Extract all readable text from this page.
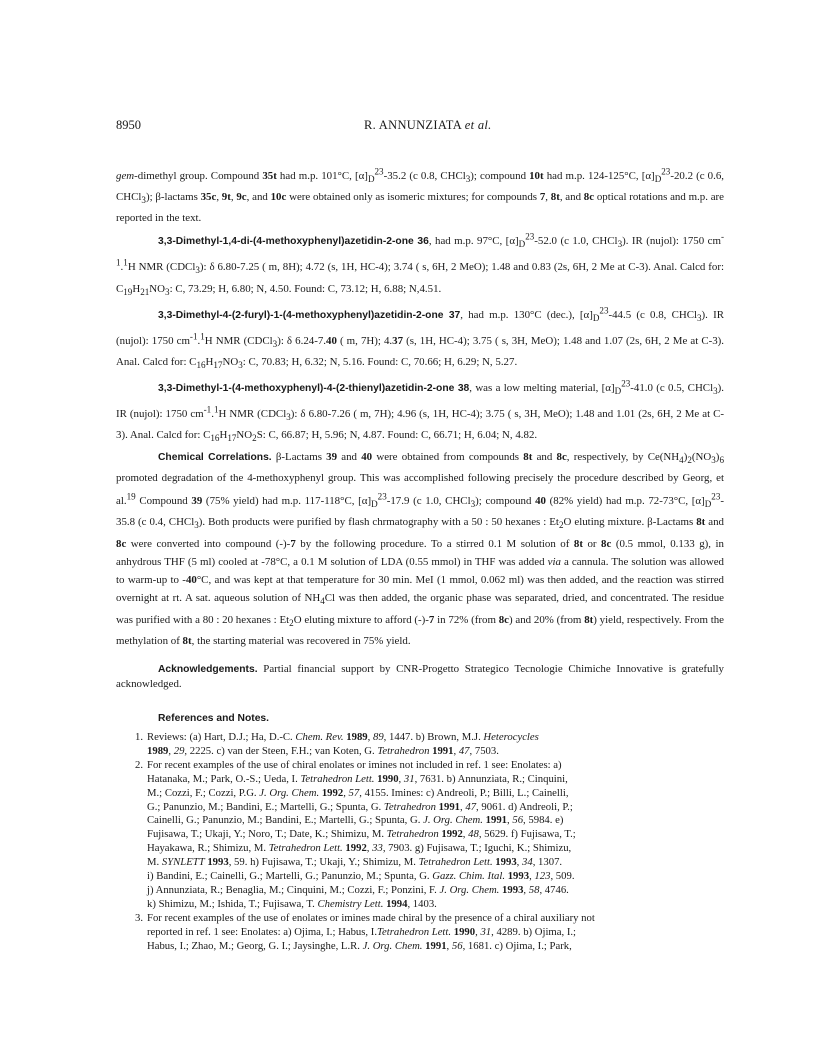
8950	R. ANNUNZIATA et al.

gem-dimethyl group. Compound 35t had m.p. 101°C, $[\alpha]_D^{23}-35.2$ (c 0.8, CHCl$_3$); compound 10t had m.p. 124-125°C, $[\alpha]_D^{23}-20.2$ (c 0.6, CHCl$_3$); β-lactams 35c, 9t, 9c, and 10c were obtained only as isomeric mixtures; for compounds 7, 8t, and 8c optical rotations and m.p. are reported in the text.

3,3-Dimethyl-1,4-di-(4-methoxyphenyl)azetidin-2-one 36, had m.p. 97°C, $[\alpha]_D^{23}-52.0$ (c 1.0, CHCl$_3$). IR (nujol): 1750 $cm^{-1}.^1H$ NMR (CDCl$_3$): δ 6.80-7.25 ( m, 8H); 4.72 (s, 1H, HC-4); 3.74 ( s, 6H, 2 MeO); 1.48 and 0.83 (2s, 6H, 2 Me at C-3). Anal. Calcd for: $C_{19}H_{21}NO_3$: C, 73.29; H, 6.80; N, 4.50. Found: C, 73.12; H, 6.88; N,4.51.

3,3-Dimethyl-4-(2-furyl)-1-(4-methoxyphenyl)azetidin-2-one 37, had m.p. 130°C (dec.), $[\alpha]_D^{23}-44.5$ (c 0.8, CHCl$_3$). IR (nujol): 1750 $cm^{-1}.^1H$ NMR (CDCl$_3$): δ 6.24-7.40 ( m, 7H); 4.37 (s, 1H, HC-4); 3.75 ( s, 3H, MeO); 1.48 and 1.07 (2s, 6H, 2 Me at C-3). Anal. Calcd for: $C_{16}H_{17}NO_3$: C, 70.83; H, 6.32; N, 5.16. Found: C, 70.66; H, 6.29; N, 5.27.

3,3-Dimethyl-1-(4-methoxyphenyl)-4-(2-thienyl)azetidin-2-one 38, was a low melting material, $[\alpha]_D^{23}-41.0$ (c 0.5, CHCl$_3$). IR (nujol): 1750 $cm^{-1}.^1H$ NMR (CDCl$_3$): δ 6.80-7.26 ( m, 7H); 4.96 (s, 1H, HC-4); 3.75 ( s, 3H, MeO); 1.48 and 1.01 (2s, 6H, 2 Me at C-3). Anal. Calcd for: $C_{16}H_{17}NO_2S$: C, 66.87; H, 5.96; N, 4.87. Found: C, 66.71; H, 6.04; N, 4.82.

Chemical Correlations. β-Lactams 39 and 40 were obtained from compounds 8t and 8c, respectively, by $Ce(NH_4)_2(NO_3)_6$ promoted degradation of the 4-methoxyphenyl group. This was accomplished following precisely the procedure described by Georg, et al.$^{19}$ Compound 39 (75% yield) had m.p. 117-118°C, $[\alpha]_D^{23}-17.9$ (c 1.0, CHCl$_3$); compound 40 (82% yield) had m.p. 72-73°C, $[\alpha]_D^{23}-35.8$ (c 0.4, CHCl$_3$). Both products were purified by flash chrmatography with a 50 : 50 hexanes : $Et_2O$ eluting mixture. β-Lactams 8t and 8c were converted into compound (-)-7 by the following procedure. To a stirred 0.1 M solution of 8t or 8c (0.5 mmol, 0.133 g), in anhydrous THF (5 ml) cooled at -78°C, a 0.1 M solution of LDA (0.55 mmol) in THF was added via a cannula. The solution was allowed to warm-up to -40°C, and was kept at that temperature for 30 min. MeI (1 mmol, 0.062 ml) was then added, and the reaction was stirred overnight at rt. A sat. aqueous solution of $NH_4Cl$ was then added, the organic phase was separated, dried, and concentrated. The residue was purified with a 80 : 20 hexanes : $Et_2O$ eluting mixture to afford (-)-7 in 72% (from 8c) and 20% (from 8t) yield, respectively. From the methylation of 8t, the starting material was recovered in 75% yield.

Acknowledgements. Partial financial support by CNR-Progetto Strategico Tecnologie Chimiche Innovative is gratefully acknowledged.

References and Notes.

1. Reviews: (a) Hart, D.J.; Ha, D.-C. Chem. Rev. 1989, 89, 1447. b) Brown, M.J. Heterocycles
1989, 29, 2225. c) van der Steen, F.H.; van Koten, G. Tetrahedron 1991, 47, 7503.
2. For recent examples of the use of chiral enolates or imines not included in ref. 1 see: Enolates: a)
Hatanaka, M.; Park, O.-S.; Ueda, I. Tetrahedron Lett. 1990, 31, 7631. b) Annunziata, R.; Cinquini,
M.; Cozzi, F.; Cozzi, P.G. J. Org. Chem. 1992, 57, 4155. Imines: c) Andreoli, P.; Billi, L.; Cainelli,
G.; Panunzio, M.; Bandini, E.; Martelli, G.; Spunta, G. Tetrahedron 1991, 47, 9061. d) Andreoli, P.;
Cainelli, G.; Panunzio, M.; Bandini, E.; Martelli, G.; Spunta, G. J. Org. Chem. 1991, 56, 5984. e)
Fujisawa, T.; Ukaji, Y.; Noro, T.; Date, K.; Shimizu, M. Tetrahedron 1992, 48, 5629. f) Fujisawa, T.;
Hayakawa, R.; Shimizu, M. Tetrahedron Lett. 1992, 33, 7903. g) Fujisawa, T.; Iguchi, K.; Shimizu,
M. SYNLETT 1993, 59. h) Fujisawa, T.; Ukaji, Y.; Shimizu, M. Tetrahedron Lett. 1993, 34, 1307.
i) Bandini, E.; Cainelli, G.; Martelli, G.; Panunzio, M.; Spunta, G. Gazz. Chim. Ital. 1993, 123, 509.
j) Annunziata, R.; Benaglia, M.; Cinquini, M.; Cozzi, F.; Ponzini, F. J. Org. Chem. 1993, 58, 4746.
k) Shimizu, M.; Ishida, T.; Fujisawa, T. Chemistry Lett. 1994, 1403.
3. For recent examples of the use of enolates or imines made chiral by the presence of a chiral auxiliary not
reported in ref. 1 see: Enolates: a) Ojima, I.; Habus, I.Tetrahedron Lett. 1990, 31, 4289. b) Ojima, I.;
Habus, I.; Zhao, M.; Georg, G. I.; Jaysinghe, L.R. J. Org. Chem. 1991, 56, 1681. c) Ojima, I.; Park,
